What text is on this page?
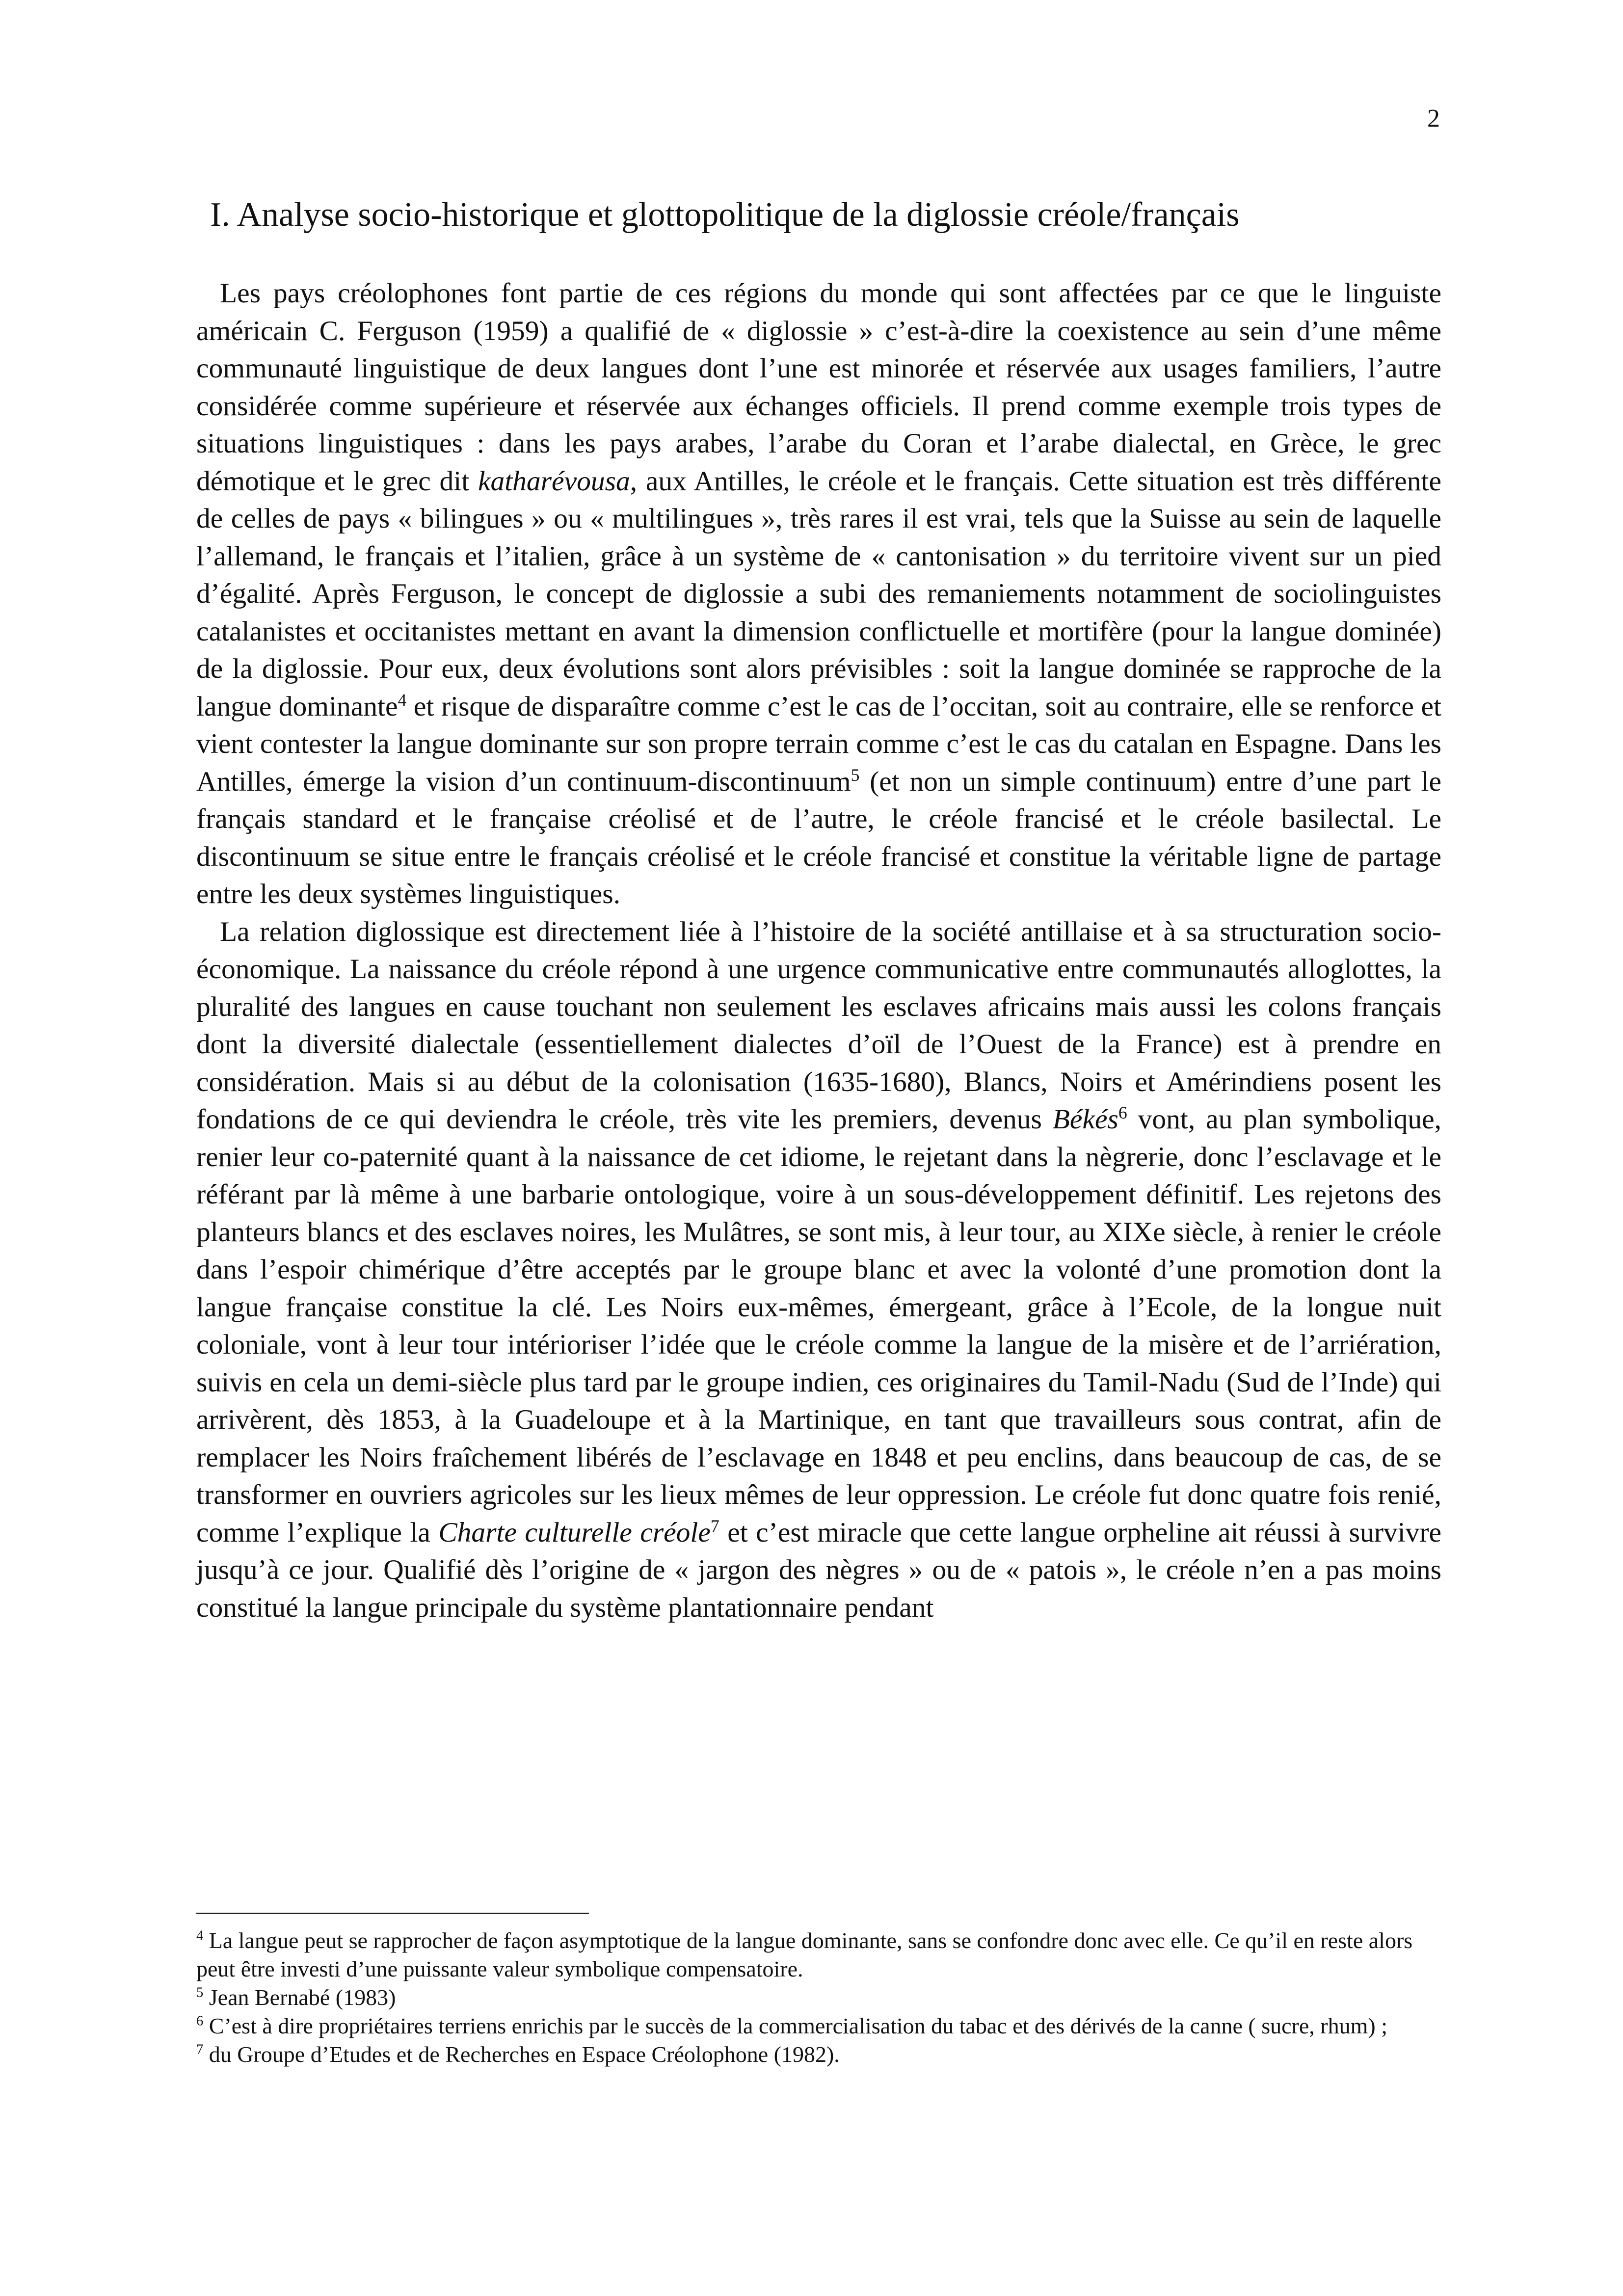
2
I. Analyse socio-historique et glottopolitique de la diglossie créole/français

Les pays créolophones font partie de ces régions du monde qui sont affectées par ce que le linguiste américain C. Ferguson (1959) a qualifié de « diglossie » c’est-à-dire la coexistence au sein d’une même communauté linguistique de deux langues dont l’une est minorée et réservée aux usages familiers, l’autre considérée comme supérieure et réservée aux échanges officiels. Il prend comme exemple trois types de situations linguistiques : dans les pays arabes, l’arabe du Coran et l’arabe dialectal, en Grèce, le grec démotique et le grec dit katharévousa, aux Antilles, le créole et le français. Cette situation est très différente de celles de pays « bilingues » ou « multilingues », très rares il est vrai, tels que la Suisse au sein de laquelle l’allemand, le français et l’italien, grâce à un système de « cantonisation » du territoire vivent sur un pied d’égalité. Après Ferguson, le concept de diglossie a subi des remaniements notamment de sociolinguistes catalanistes et occitanistes mettant en avant la dimension conflictuelle et mortifère (pour la langue dominée) de la diglossie. Pour eux, deux évolutions sont alors prévisibles : soit la langue dominée se rapproche de la langue dominante$^4$ et risque de disparaître comme c’est le cas de l’occitan, soit au contraire, elle se renforce et vient contester la langue dominante sur son propre terrain comme c’est le cas du catalan en Espagne. Dans les Antilles, émerge la vision d’un continuum-discontinuum$^5$ (et non un simple continuum) entre d’une part le français standard et le française créolisé et de l’autre, le créole francisé et le créole basilectal. Le discontinuum se situe entre le français créolisé et le créole francisé et constitue la véritable ligne de partage entre les deux systèmes linguistiques.

La relation diglossique est directement liée à l’histoire de la société antillaise et à sa structuration socio-économique. La naissance du créole répond à une urgence communicative entre communautés alloglottes, la pluralité des langues en cause touchant non seulement les esclaves africains mais aussi les colons français dont la diversité dialectale (essentiellement dialectes d’oïl de l’Ouest de la France) est à prendre en considération. Mais si au début de la colonisation (1635-1680), Blancs, Noirs et Amérindiens posent les fondations de ce qui deviendra le créole, très vite les premiers, devenus Békés$^6$ vont, au plan symbolique, renier leur co-paternité quant à la naissance de cet idiome, le rejetant dans la nègrerie, donc l’esclavage et le référant par là même à une barbarie ontologique, voire à un sous-développement définitif. Les rejetons des planteurs blancs et des esclaves noires, les Mulâtres, se sont mis, à leur tour, au XIXe siècle, à renier le créole dans l’espoir chimérique d’être acceptés par le groupe blanc et avec la volonté d’une promotion dont la langue française constitue la clé. Les Noirs eux-mêmes, émergeant, grâce à l’Ecole, de la longue nuit coloniale, vont à leur tour intérioriser l’idée que le créole comme la langue de la misère et de l’arriération, suivis en cela un demi-siècle plus tard par le groupe indien, ces originaires du Tamil-Nadu (Sud de l’Inde) qui arrivèrent, dès 1853, à la Guadeloupe et à la Martinique, en tant que travailleurs sous contrat, afin de remplacer les Noirs fraîchement libérés de l’esclavage en 1848 et peu enclins, dans beaucoup de cas, de se transformer en ouvriers agricoles sur les lieux mêmes de leur oppression. Le créole fut donc quatre fois renié, comme l’explique la Charte culturelle créole$^7$ et c’est miracle que cette langue orpheline ait réussi à survivre jusqu’à ce jour. Qualifié dès l’origine de « jargon des nègres » ou de « patois », le créole n’en a pas moins constitué la langue principale du système plantationnaire pendant

$^4$ La langue peut se rapprocher de façon asymptotique de la langue dominante, sans se confondre donc avec elle. Ce qu’il en reste alors peut être investi d’une puissante valeur symbolique compensatoire.

$^5$ Jean Bernabé (1983)

$^6$ C’est à dire propriétaires terriens enrichis par le succès de la commercialisation du tabac et des dérivés de la canne ( sucre, rhum) ;

$^7$ du Groupe d’Etudes et de Recherches en Espace Créolophone (1982).
